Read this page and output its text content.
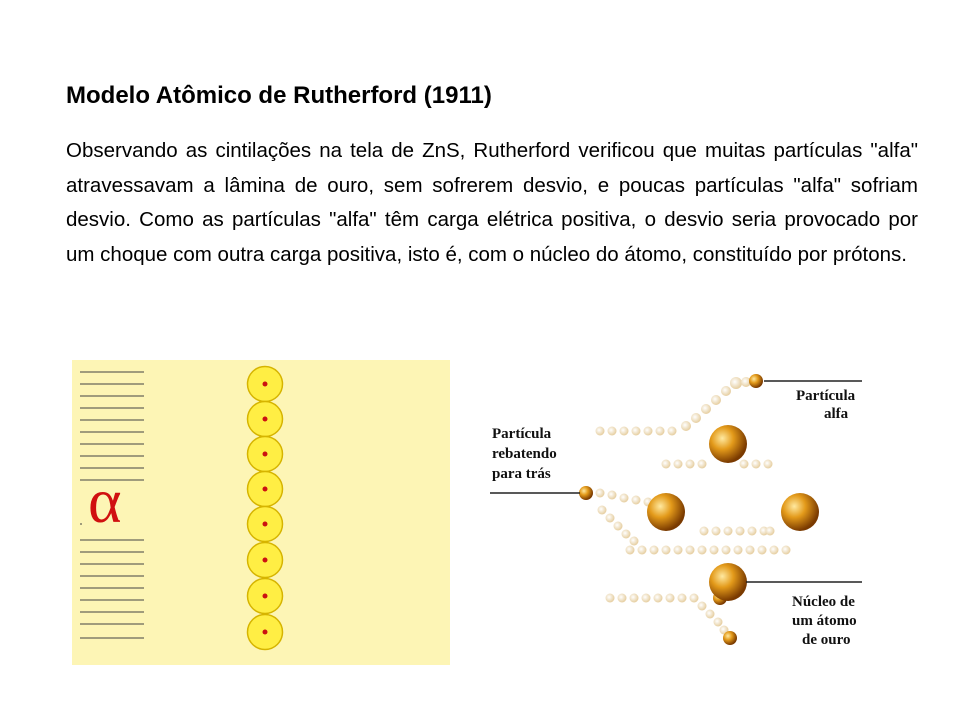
Modelo Atômico de Rutherford (1911)

Observando as cintilações na tela de ZnS, Rutherford verificou que muitas partículas "alfa" atravessavam a lâmina de ouro, sem sofrerem desvio, e poucas partículas "alfa" sofriam desvio. Como as partículas "alfa" têm carga elétrica positiva, o desvio seria provocado por um choque com outra carga positiva, isto é, com o núcleo do átomo, constituído por prótons.

α
Partícula
alfa
Partícula
rebatendo
para trás
Núcleo de
um átomo
de ouro
